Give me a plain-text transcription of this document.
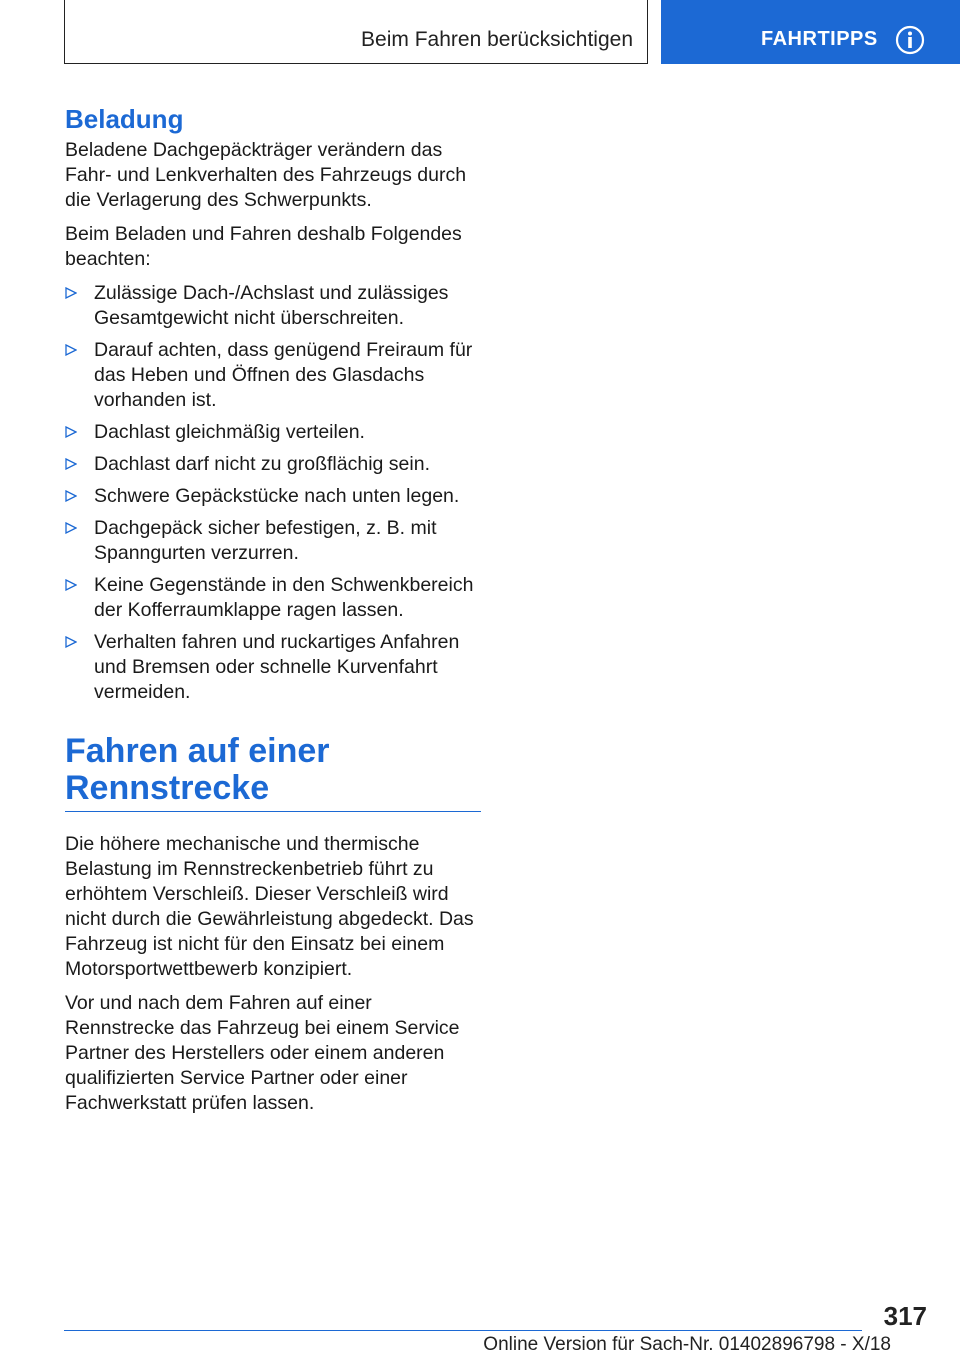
Beim Fahren berücksichtigen	FAHRTIPPS
Beladung

Beladene Dachgepäckträger verändern das Fahr- und Lenkverhalten des Fahrzeugs durch die Verlagerung des Schwerpunkts.

Beim Beladen und Fahren deshalb Folgendes beachten:

Zulässige Dach-/Achslast und zulässiges Gesamtgewicht nicht überschreiten.
Darauf achten, dass genügend Freiraum für das Heben und Öffnen des Glasdachs vorhanden ist.
Dachlast gleichmäßig verteilen.
Dachlast darf nicht zu großflächig sein.
Schwere Gepäckstücke nach unten legen.
Dachgepäck sicher befestigen, z. B. mit Spanngurten verzurren.
Keine Gegenstände in den Schwenkbereich der Kofferraumklappe ragen lassen.
Verhalten fahren und ruckartiges Anfahren und Bremsen oder schnelle Kurvenfahrt vermeiden.
Fahren auf einer
Rennstrecke

Die höhere mechanische und thermische Belastung im Rennstreckenbetrieb führt zu erhöhtem Verschleiß. Dieser Verschleiß wird nicht durch die Gewährleistung abgedeckt. Das Fahrzeug ist nicht für den Einsatz bei einem Motorsportwettbewerb konzipiert.

Vor und nach dem Fahren auf einer Rennstrecke das Fahrzeug bei einem Service Partner des Herstellers oder einem anderen qualifizierten Service Partner oder einer Fachwerkstatt prüfen lassen.

317
Online Version für Sach-Nr. 01402896798 - X/18
